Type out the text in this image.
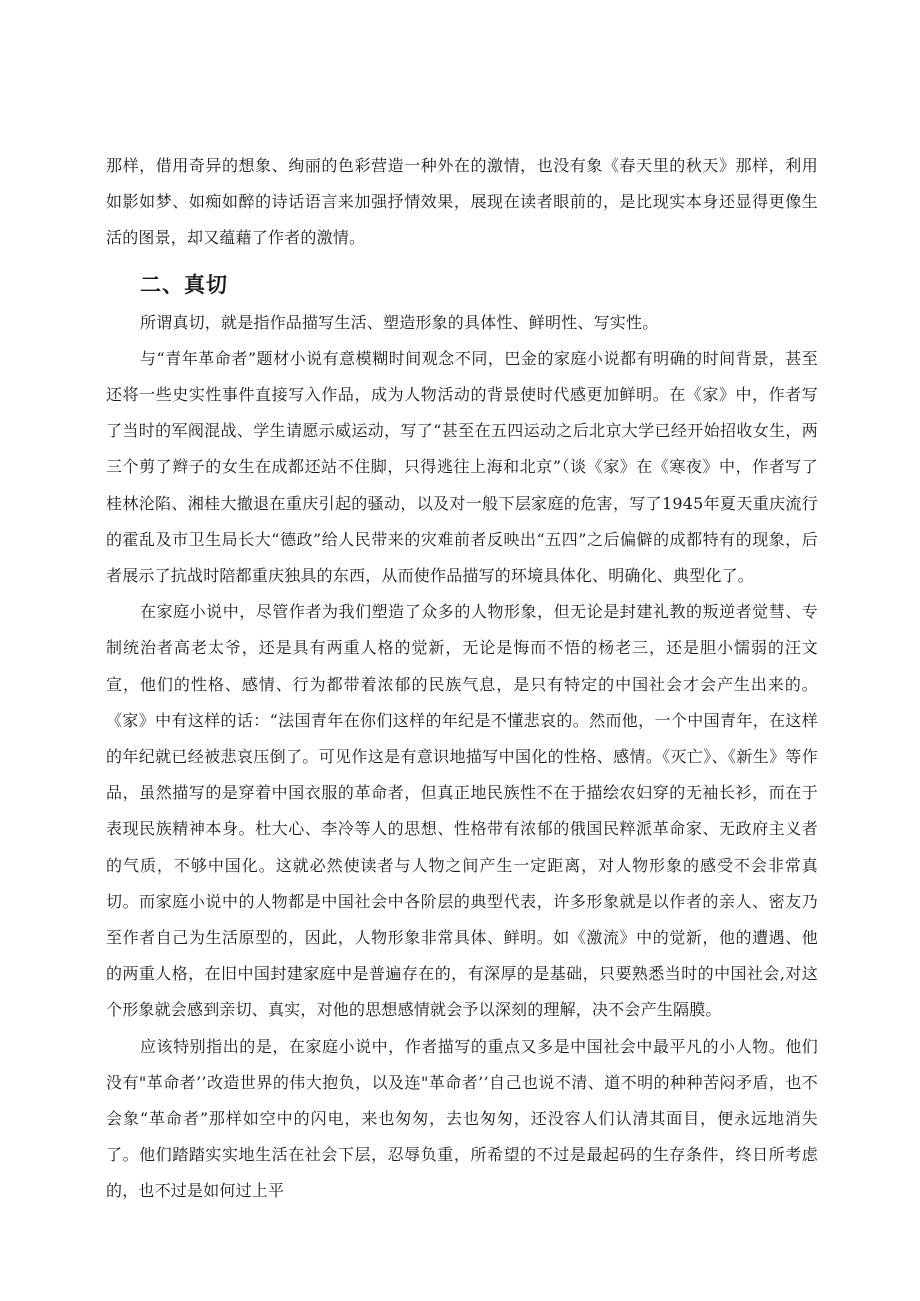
那样，借用奇异的想象、绚丽的色彩营造一种外在的激情，也没有象《春天里的秋天》那样，利用如影如梦、如痴如醉的诗话语言来加强抒情效果，展现在读者眼前的，是比现实本身还显得更像生活的图景，却又蕴藉了作者的激情。

二、真切

所谓真切，就是指作品描写生活、塑造形象的具体性、鲜明性、写实性。

与“青年革命者”题材小说有意模糊时间观念不同，巴金的家庭小说都有明确的时间背景，甚至还将一些史实性事件直接写入作品，成为人物活动的背景使时代感更加鲜明。在《家》中，作者写了当时的军阀混战、学生请愿示威运动，写了“甚至在五四运动之后北京大学已经开始招收女生，两三个剪了辫子的女生在成都还站不住脚，只得逃往上海和北京”（谈《家》在《寒夜》中，作者写了桂林沦陷、湘桂大撤退在重庆引起的骚动，以及对一般下层家庭的危害，写了1945年夏天重庆流行的霍乱及市卫生局长大“德政”给人民带来的灾难前者反映出“五四”之后偏僻的成都特有的现象，后者展示了抗战时陪都重庆独具的东西，从而使作品描写的环境具体化、明确化、典型化了。

在家庭小说中，尽管作者为我们塑造了众多的人物形象，但无论是封建礼教的叛逆者觉彗、专制统治者高老太爷，还是具有两重人格的觉新，无论是悔而不悟的杨老三，还是胆小懦弱的汪文宣，他们的性格、感情、行为都带着浓郁的民族气息，是只有特定的中国社会才会产生出来的。《家》中有这样的话：“法国青年在你们这样的年纪是不懂悲哀的。然而他，一个中国青年，在这样的年纪就已经被悲哀压倒了。可见作这是有意识地描写中国化的性格、感情。《灭亡》、《新生》等作品，虽然描写的是穿着中国衣服的革命者，但真正地民族性不在于描绘农妇穿的无袖长衫，而在于表现民族精神本身。杜大心、李冷等人的思想、性格带有浓郁的俄国民粹派革命家、无政府主义者的气质，不够中国化。这就必然使读者与人物之间产生一定距离，对人物形象的感受不会非常真切。而家庭小说中的人物都是中国社会中各阶层的典型代表，许多形象就是以作者的亲人、密友乃至作者自己为生活原型的，因此，人物形象非常具体、鲜明。如《激流》中的觉新，他的遭遇、他的两重人格，在旧中国封建家庭中是普遍存在的，有深厚的是基础，只要熟悉当时的中国社会,对这个形象就会感到亲切、真实，对他的思想感情就会予以深刻的理解，决不会产生隔膜。

应该特别指出的是，在家庭小说中，作者描写的重点又多是中国社会中最平凡的小人物。他们没有"革命者’’改造世界的伟大抱负，以及连"革命者’’自己也说不清、道不明的种种苦闷矛盾，也不会象“革命者”那样如空中的闪电，来也匆匆，去也匆匆，还没容人们认清其面目，便永远地消失了。他们踏踏实实地生活在社会下层，忍辱负重，所希望的不过是最起码的生存条件，终日所考虑的，也不过是如何过上平
